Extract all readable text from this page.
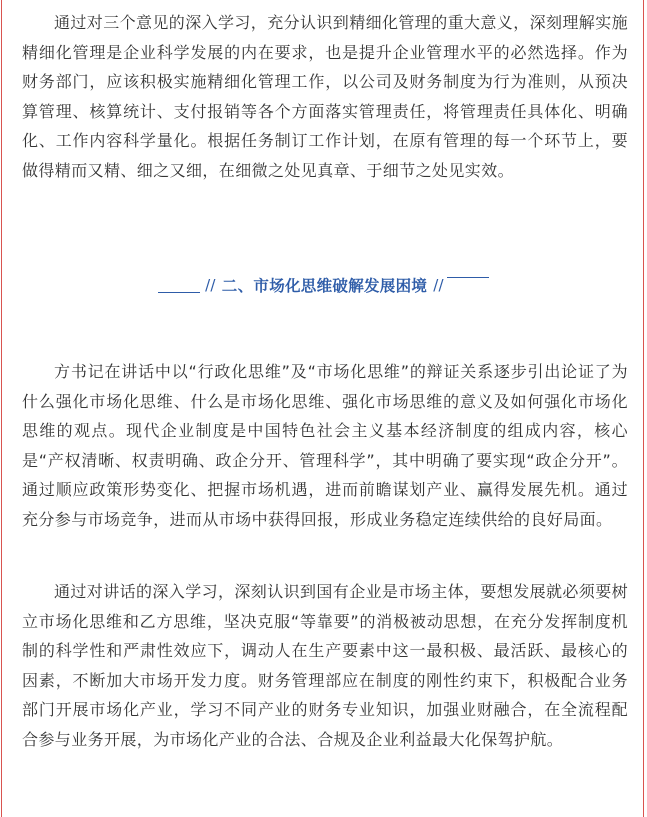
通过对三个意见的深入学习，充分认识到精细化管理的重大意义，深刻理解实施精细化管理是企业科学发展的内在要求，也是提升企业管理水平的必然选择。作为财务部门，应该积极实施精细化管理工作，以公司及财务制度为行为准则，从预决算管理、核算统计、支付报销等各个方面落实管理责任，将管理责任具体化、明确化、工作内容科学量化。根据任务制订工作计划，在原有管理的每一个环节上，要做得精而又精、细之又细，在细微之处见真章、于细节之处见实效。

// 二、市场化思维破解发展困境 //

方书记在讲话中以“行政化思维”及“市场化思维”的辩证关系逐步引出论证了为什么强化市场化思维、什么是市场化思维、强化市场思维的意义及如何强化市场化思维的观点。现代企业制度是中国特色社会主义基本经济制度的组成内容，核心是“产权清晰、权责明确、政企分开、管理科学”，其中明确了要实现“政企分开”。通过顺应政策形势变化、把握市场机遇，进而前瞻谋划产业、赢得发展先机。通过充分参与市场竞争，进而从市场中获得回报，形成业务稳定连续供给的良好局面。

通过对讲话的深入学习，深刻认识到国有企业是市场主体，要想发展就必须要树立市场化思维和乙方思维，坚决克服“等靠要”的消极被动思想，在充分发挥制度机制的科学性和严肃性效应下，调动人在生产要素中这一最积极、最活跃、最核心的因素，不断加大市场开发力度。财务管理部应在制度的刚性约束下，积极配合业务部门开展市场化产业，学习不同产业的财务专业知识，加强业财融合，在全流程配合参与业务开展，为市场化产业的合法、合规及企业利益最大化保驾护航。
